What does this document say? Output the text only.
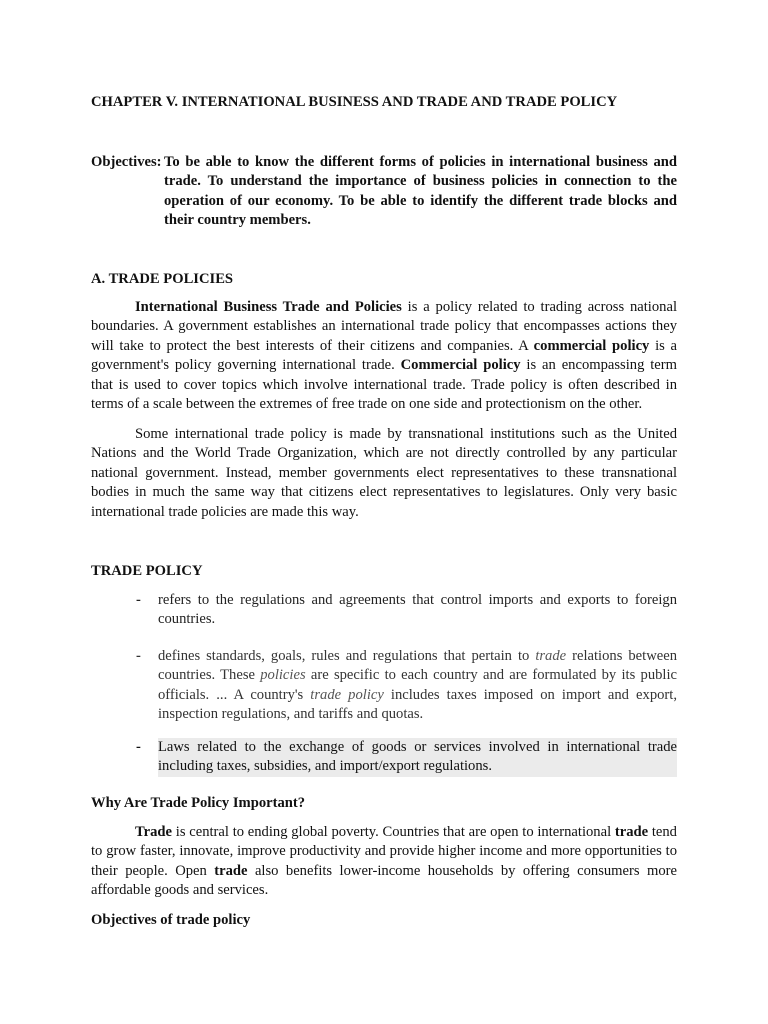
CHAPTER V. INTERNATIONAL BUSINESS AND TRADE AND TRADE POLICY
Objectives: To be able to know the different forms of policies in international business and trade. To understand the importance of business policies in connection to the operation of our economy. To be able to identify the different trade blocks and their country members.
A. TRADE POLICIES
International Business Trade and Policies is a policy related to trading across national boundaries. A government establishes an international trade policy that encompasses actions they will take to protect the best interests of their citizens and companies. A commercial policy is a government's policy governing international trade. Commercial policy is an encompassing term that is used to cover topics which involve international trade. Trade policy is often described in terms of a scale between the extremes of free trade on one side and protectionism on the other.
Some international trade policy is made by transnational institutions such as the United Nations and the World Trade Organization, which are not directly controlled by any particular national government. Instead, member governments elect representatives to these transnational bodies in much the same way that citizens elect representatives to legislatures. Only very basic international trade policies are made this way.
TRADE POLICY
- refers to the regulations and agreements that control imports and exports to foreign countries.
- defines standards, goals, rules and regulations that pertain to trade relations between countries. These policies are specific to each country and are formulated by its public officials. ... A country's trade policy includes taxes imposed on import and export, inspection regulations, and tariffs and quotas.
- Laws related to the exchange of goods or services involved in international trade including taxes, subsidies, and import/export regulations.
Why Are Trade Policy Important?
Trade is central to ending global poverty. Countries that are open to international trade tend to grow faster, innovate, improve productivity and provide higher income and more opportunities to their people. Open trade also benefits lower-income households by offering consumers more affordable goods and services.
Objectives of trade policy
